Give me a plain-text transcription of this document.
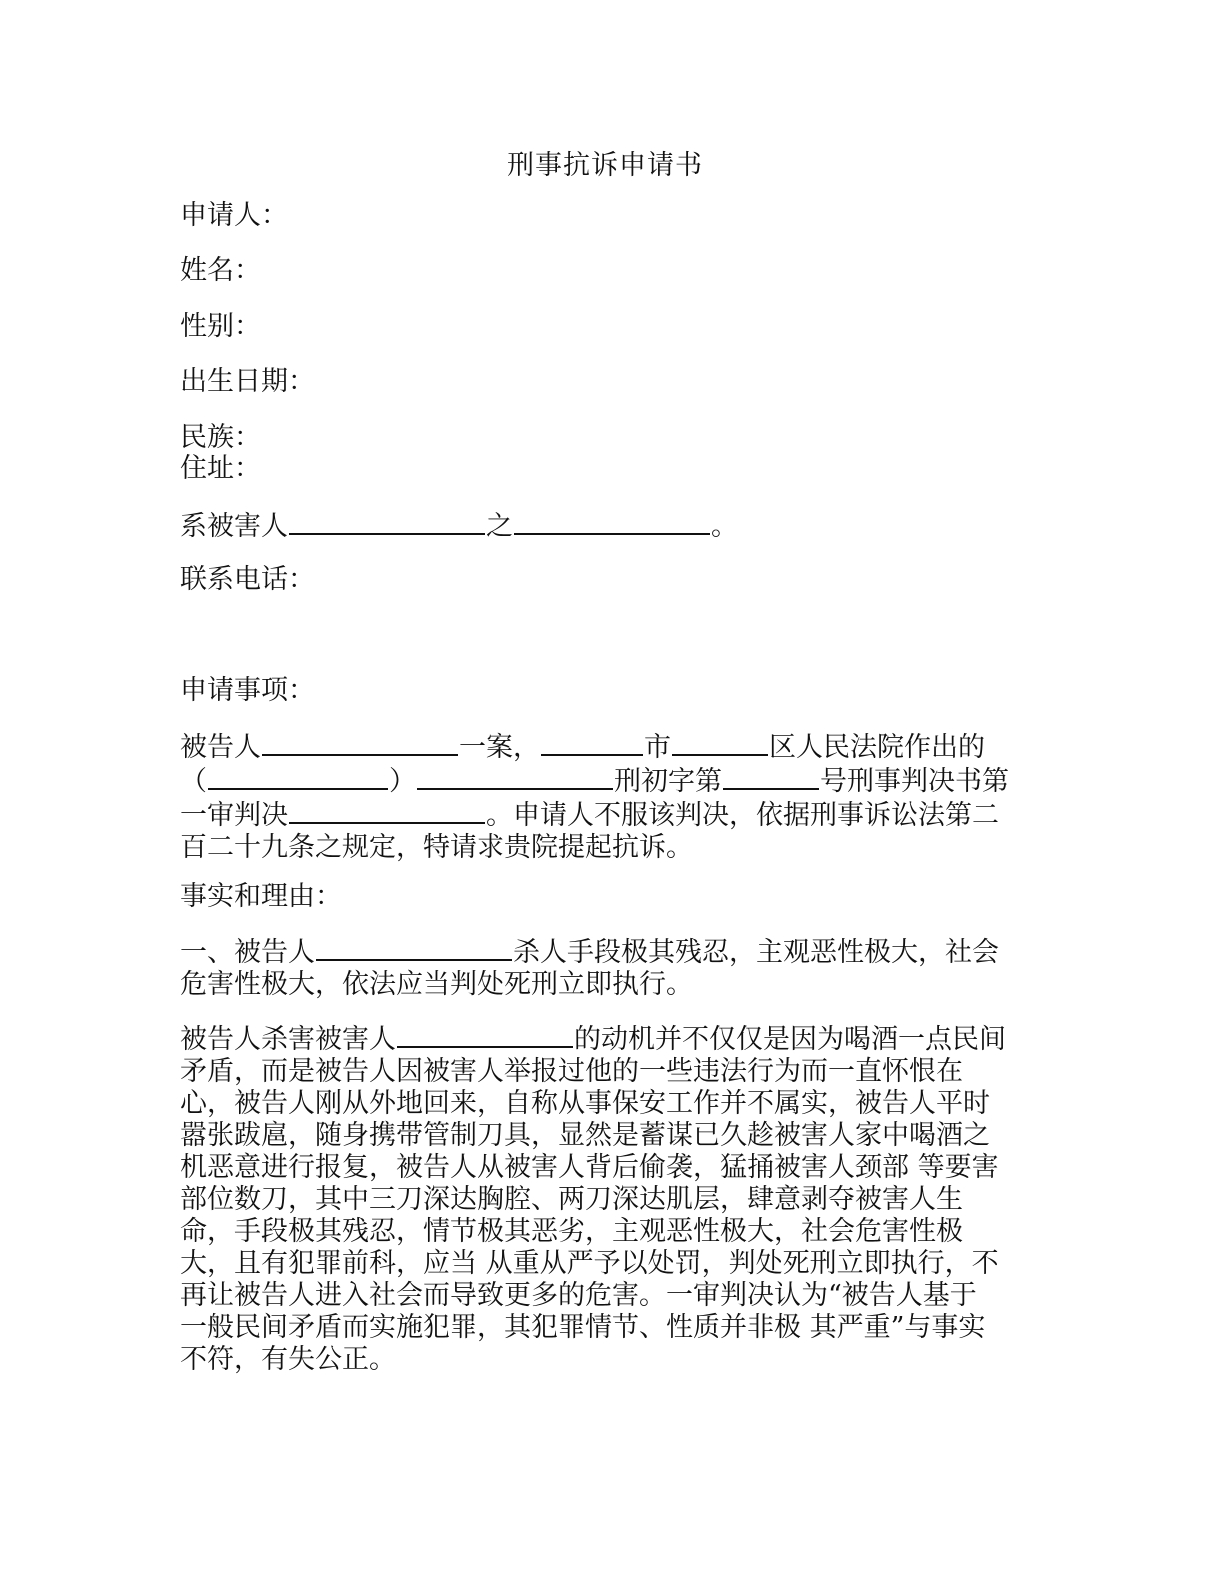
刑事抗诉申请书
申请人：
姓名：
性别：
出生日期：
民族：
住址：
系被害人	之	。
联系电话：
申请事项：
被告人	一案，	市	区人民法院作出的
（	）	刑初字第	号刑事判决书第
一审判决	。申请人不服该判决，依据刑事诉讼法第二
百二十九条之规定，特请求贵院提起抗诉。
事实和理由：
一、被告人	杀人手段极其残忍，主观恶性极大，社会
危害性极大，依法应当判处死刑立即执行。
被告人杀害被害人	的动机并不仅仅是因为喝酒一点民间
矛盾，而是被告人因被害人举报过他的一些违法行为而一直怀恨在
心，被告人刚从外地回来，自称从事保安工作并不属实，被告人平时
嚣张跋扈，随身携带管制刀具，显然是蓄谋已久趁被害人家中喝酒之
机恶意进行报复，被告人从被害人背后偷袭，猛捅被害人颈部 等要害
部位数刀，其中三刀深达胸腔、两刀深达肌层，肆意剥夺被害人生
命，手段极其残忍，情节极其恶劣，主观恶性极大，社会危害性极
大，且有犯罪前科，应当 从重从严予以处罚，判处死刑立即执行，不
再让被告人进入社会而导致更多的危害。一审判决认为“被告人基于
一般民间矛盾而实施犯罪，其犯罪情节、性质并非极 其严重”与事实
不符，有失公正。
